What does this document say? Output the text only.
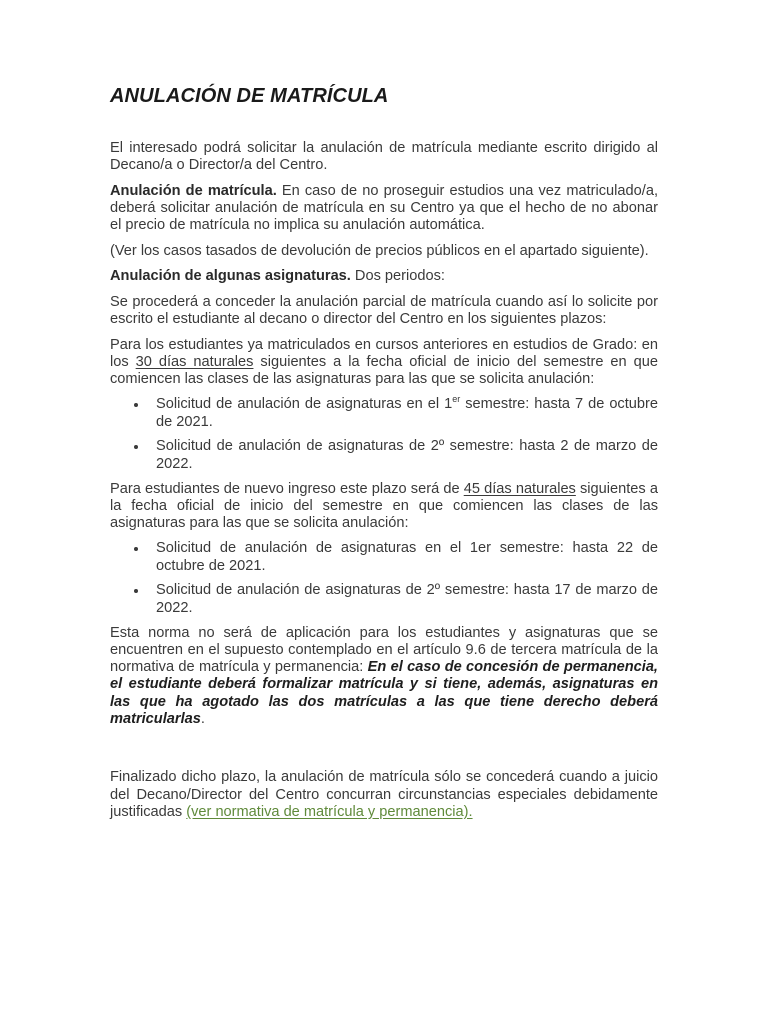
ANULACIÓN DE MATRÍCULA

El interesado podrá solicitar la anulación de matrícula mediante escrito dirigido al Decano/a o Director/a del Centro.

Anulación de matrícula. En caso de no proseguir estudios una vez matriculado/a, deberá solicitar anulación de matrícula en su Centro ya que el hecho de no abonar el precio de matrícula no implica su anulación automática.

(Ver los casos tasados de devolución de precios públicos en el apartado siguiente).

Anulación de algunas asignaturas. Dos periodos:

Se procederá a conceder la anulación parcial de matrícula cuando así lo solicite por escrito el estudiante al decano o director del Centro en los siguientes plazos:

Para los estudiantes ya matriculados en cursos anteriores en estudios de Grado: en los 30 días naturales siguientes a la fecha oficial de inicio del semestre en que comiencen las clases de las asignaturas para las que se solicita anulación:

Solicitud de anulación de asignaturas en el 1er semestre: hasta 7 de octubre de 2021.
Solicitud de anulación de asignaturas de 2º semestre: hasta 2 de marzo de 2022.

Para estudiantes de nuevo ingreso este plazo será de 45 días naturales siguientes a la fecha oficial de inicio del semestre en que comiencen las clases de las asignaturas para las que se solicita anulación:

Solicitud de anulación de asignaturas en el 1er semestre: hasta 22 de octubre de 2021.
Solicitud de anulación de asignaturas de 2º semestre: hasta 17 de marzo de 2022.

Esta norma no será de aplicación para los estudiantes y asignaturas que se encuentren en el supuesto contemplado en el artículo 9.6 de tercera matrícula de la normativa de matrícula y permanencia: En el caso de concesión de permanencia, el estudiante deberá formalizar matrícula y si tiene, además, asignaturas en las que ha agotado las dos matrículas a las que tiene derecho deberá matricularlas.

Finalizado dicho plazo, la anulación de matrícula sólo se concederá cuando a juicio del Decano/Director del Centro concurran circunstancias especiales debidamente justificadas (ver normativa de matrícula y permanencia).
